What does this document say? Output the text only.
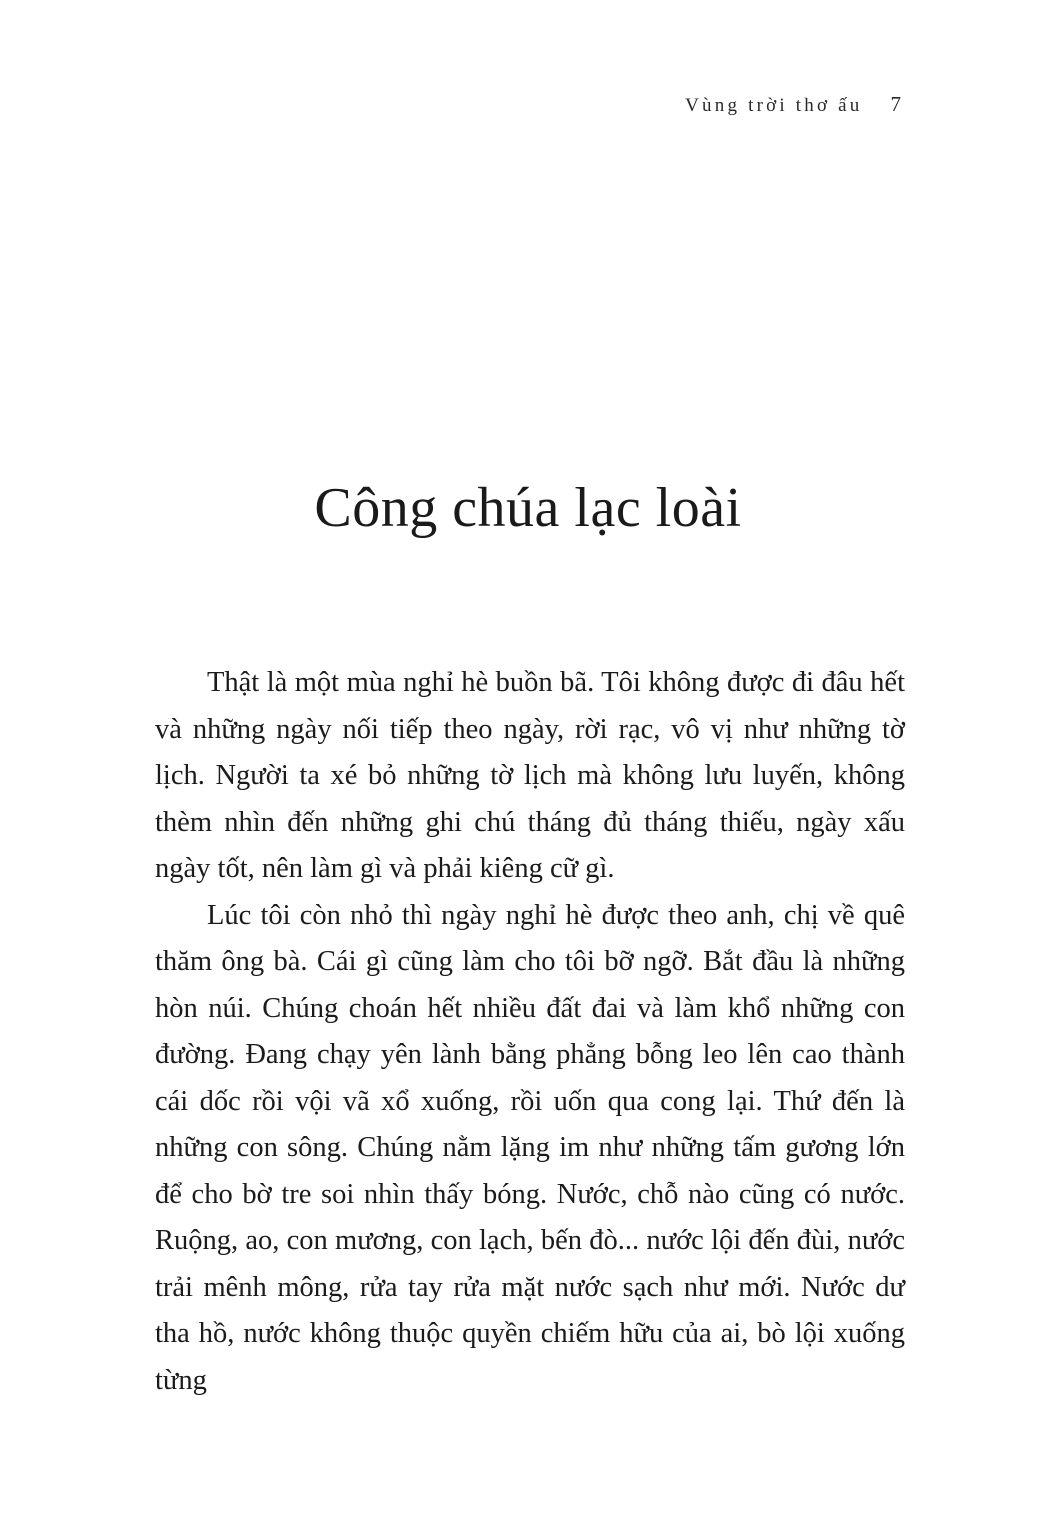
Vùng trời thơ ấu 7
Công chúa lạc loài

Thật là một mùa nghỉ hè buồn bã. Tôi không được đi đâu hết và những ngày nối tiếp theo ngày, rời rạc, vô vị như những tờ lịch. Người ta xé bỏ những tờ lịch mà không lưu luyến, không thèm nhìn đến những ghi chú tháng đủ tháng thiếu, ngày xấu ngày tốt, nên làm gì và phải kiêng cữ gì.

Lúc tôi còn nhỏ thì ngày nghỉ hè được theo anh, chị về quê thăm ông bà. Cái gì cũng làm cho tôi bỡ ngỡ. Bắt đầu là những hòn núi. Chúng choán hết nhiều đất đai và làm khổ những con đường. Đang chạy yên lành bằng phẳng bỗng leo lên cao thành cái dốc rồi vội vã xổ xuống, rồi uốn qua cong lại. Thứ đến là những con sông. Chúng nằm lặng im như những tấm gương lớn để cho bờ tre soi nhìn thấy bóng. Nước, chỗ nào cũng có nước. Ruộng, ao, con mương, con lạch, bến đò... nước lội đến đùi, nước trải mênh mông, rửa tay rửa mặt nước sạch như mới. Nước dư tha hồ, nước không thuộc quyền chiếm hữu của ai, bò lội xuống từng
